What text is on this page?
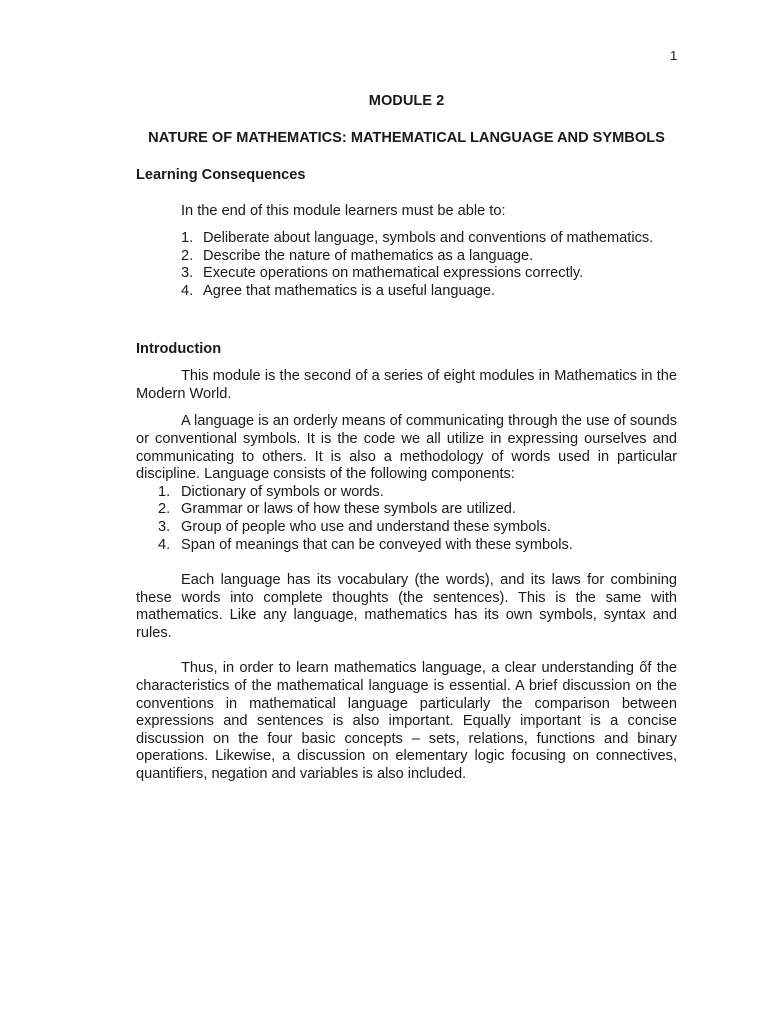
1
MODULE 2
NATURE OF MATHEMATICS: MATHEMATICAL LANGUAGE AND SYMBOLS
Learning Consequences
In the end of this module learners must be able to:
1. Deliberate about language, symbols and conventions of mathematics.
2. Describe the nature of mathematics as a language.
3. Execute operations on mathematical expressions correctly.
4. Agree that mathematics is a useful language.
Introduction

This module is the second of a series of eight modules in Mathematics in the Modern World.

A language is an orderly means of communicating through the use of sounds or conventional symbols. It is the code we all utilize in expressing ourselves and communicating to others. It is also a methodology of words used in particular discipline. Language consists of the following components:

1. Dictionary of symbols or words.
2. Grammar or laws of how these symbols are utilized.
3. Group of people who use and understand these symbols.
4. Span of meanings that can be conveyed with these symbols.

Each language has its vocabulary (the words), and its laws for combining these words into complete thoughts (the sentences). This is the same with mathematics. Like any language, mathematics has its own symbols, syntax and rules.

Thus, in order to learn mathematics language, a clear understanding ốf the characteristics of the mathematical language is essential. A brief discussion on the conventions in mathematical language particularly the comparison between expressions and sentences is also important. Equally important is a concise discussion on the four basic concepts – sets, relations, functions and binary operations. Likewise, a discussion on elementary logic focusing on connectives, quantifiers, negation and variables is also included.
